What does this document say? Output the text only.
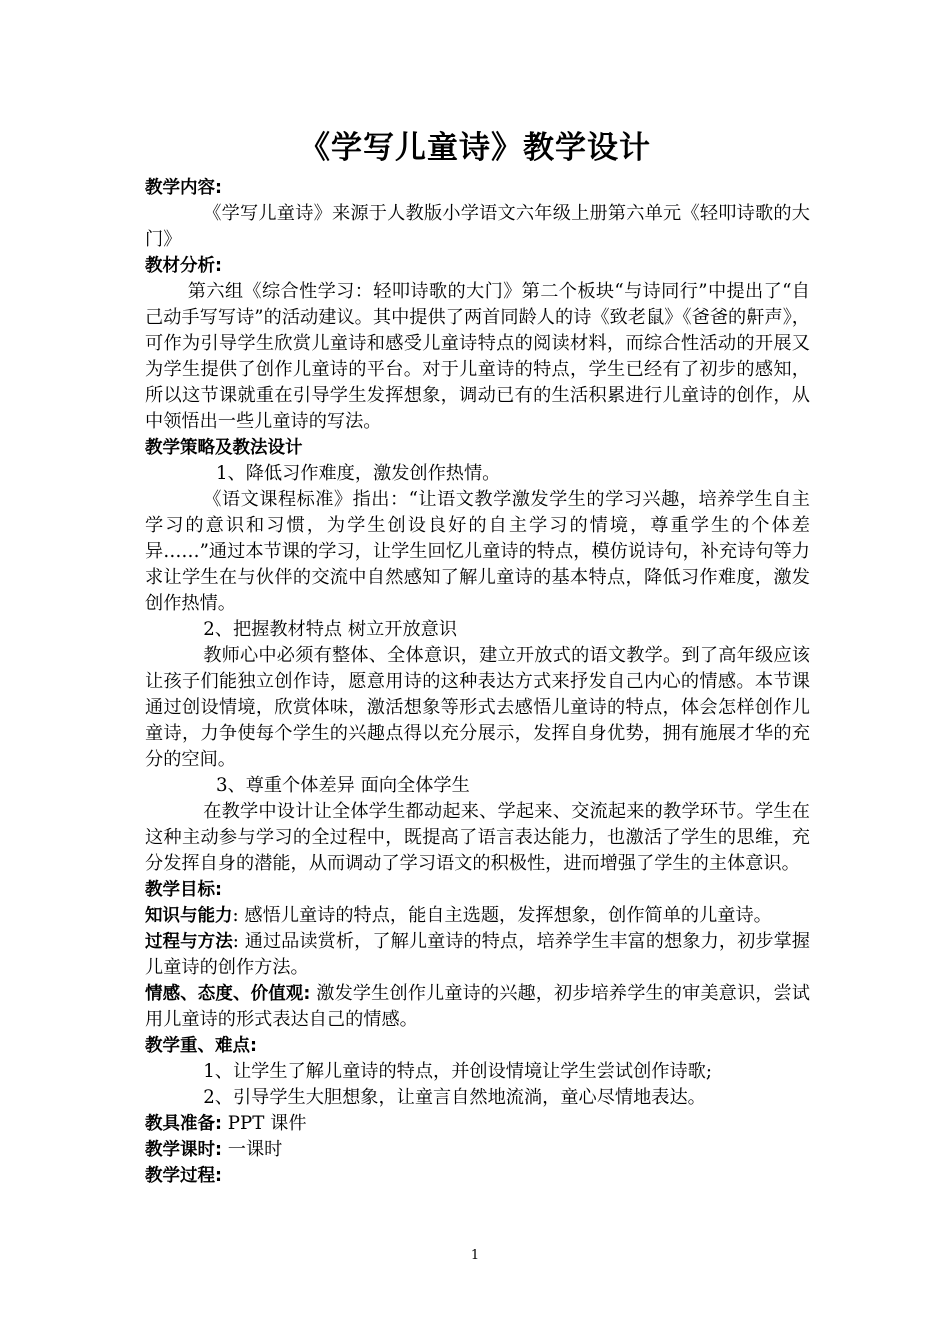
《学写儿童诗》教学设计

教学内容:

《学写儿童诗》来源于人教版小学语文六年级上册第六单元《轻叩诗歌的大门》

教材分析:

第六组《综合性学习：轻叩诗歌的大门》第二个板块“与诗同行”中提出了“自己动手写写诗”的活动建议。其中提供了两首同龄人的诗《致老鼠》《爸爸的鼾声》，可作为引导学生欣赏儿童诗和感受儿童诗特点的阅读材料，而综合性活动的开展又为学生提供了创作儿童诗的平台。对于儿童诗的特点，学生已经有了初步的感知，所以这节课就重在引导学生发挥想象，调动已有的生活积累进行儿童诗的创作，从中领悟出一些儿童诗的写法。

教学策略及教法设计

1、降低习作难度，激发创作热情。

《语文课程标准》指出：“让语文教学激发学生的学习兴趣，培养学生自主学习的意识和习惯，为学生创设良好的自主学习的情境，尊重学生的个体差异……”通过本节课的学习，让学生回忆儿童诗的特点，模仿说诗句，补充诗句等力求让学生在与伙伴的交流中自然感知了解儿童诗的基本特点，降低习作难度，激发创作热情。

2、把握教材特点 树立开放意识

教师心中必须有整体、全体意识，建立开放式的语文教学。到了高年级应该让孩子们能独立创作诗，愿意用诗的这种表达方式来抒发自己内心的情感。本节课通过创设情境，欣赏体味，激活想象等形式去感悟儿童诗的特点，体会怎样创作儿童诗，力争使每个学生的兴趣点得以充分展示，发挥自身优势，拥有施展才华的充分的空间。

3、尊重个体差异 面向全体学生

在教学中设计让全体学生都动起来、学起来、交流起来的教学环节。学生在这种主动参与学习的全过程中，既提高了语言表达能力，也激活了学生的思维，充分发挥自身的潜能，从而调动了学习语文的积极性，进而增强了学生的主体意识。

教学目标:

知识与能力: 感悟儿童诗的特点，能自主选题，发挥想象，创作简单的儿童诗。

过程与方法: 通过品读赏析，了解儿童诗的特点，培养学生丰富的想象力，初步掌握儿童诗的创作方法。

情感、态度、价值观: 激发学生创作儿童诗的兴趣，初步培养学生的审美意识，尝试用儿童诗的形式表达自己的情感。

教学重、难点:

1、让学生了解儿童诗的特点，并创设情境让学生尝试创作诗歌;

2、引导学生大胆想象，让童言自然地流淌，童心尽情地表达。

教具准备: PPT 课件

教学课时: 一课时

教学过程:

1
